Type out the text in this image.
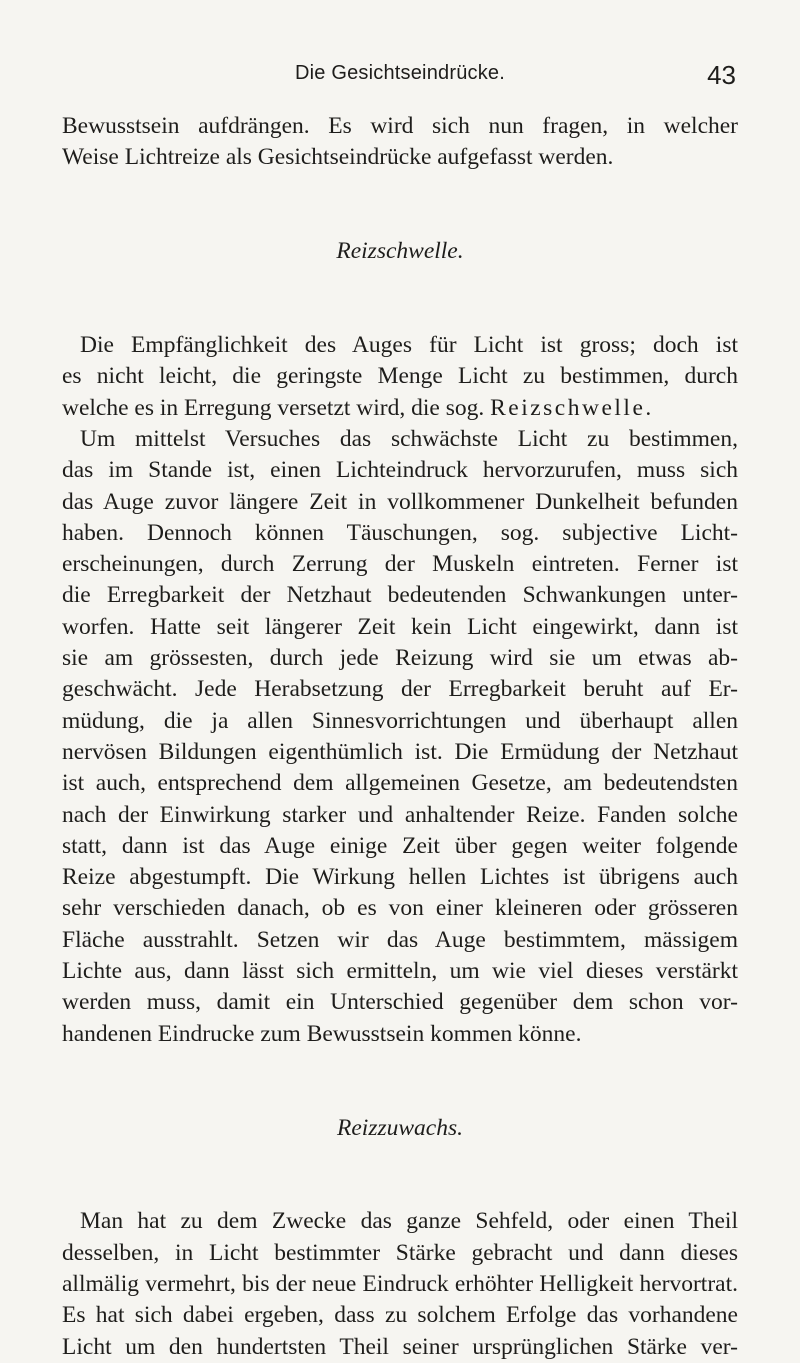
Die Gesichtseindrücke.	43
Bewusstsein aufdrängen. Es wird sich nun fragen, in welcher
Weise Lichtreize als Gesichtseindrücke aufgefasst werden.
Reizschwelle.
Die Empfänglichkeit des Auges für Licht ist gross; doch ist
es nicht leicht, die geringste Menge Licht zu bestimmen, durch
welche es in Erregung versetzt wird, die sog. Reizschwelle.
Um mittelst Versuches das schwächste Licht zu bestimmen,
das im Stande ist, einen Lichteindruck hervorzurufen, muss sich
das Auge zuvor längere Zeit in vollkommener Dunkelheit befunden
haben. Dennoch können Täuschungen, sog. subjective Licht-
erscheinungen, durch Zerrung der Muskeln eintreten. Ferner ist
die Erregbarkeit der Netzhaut bedeutenden Schwankungen unter-
worfen. Hatte seit längerer Zeit kein Licht eingewirkt, dann ist
sie am grössesten, durch jede Reizung wird sie um etwas ab-
geschwächt. Jede Herabsetzung der Erregbarkeit beruht auf Er-
müdung, die ja allen Sinnesvorrichtungen und überhaupt allen
nervösen Bildungen eigenthümlich ist. Die Ermüdung der Netzhaut
ist auch, entsprechend dem allgemeinen Gesetze, am bedeutendsten
nach der Einwirkung starker und anhaltender Reize. Fanden solche
statt, dann ist das Auge einige Zeit über gegen weiter folgende
Reize abgestumpft. Die Wirkung hellen Lichtes ist übrigens auch
sehr verschieden danach, ob es von einer kleineren oder grösseren
Fläche ausstrahlt. Setzen wir das Auge bestimmtem, mässigem
Lichte aus, dann lässt sich ermitteln, um wie viel dieses verstärkt
werden muss, damit ein Unterschied gegenüber dem schon vor-
handenen Eindrucke zum Bewusstsein kommen könne.
Reizzuwachs.
Man hat zu dem Zwecke das ganze Sehfeld, oder einen Theil
desselben, in Licht bestimmter Stärke gebracht und dann dieses
allmälig vermehrt, bis der neue Eindruck erhöhter Helligkeit hervortrat.
Es hat sich dabei ergeben, dass zu solchem Erfolge das vorhandene
Licht um den hundertsten Theil seiner ursprünglichen Stärke ver-
